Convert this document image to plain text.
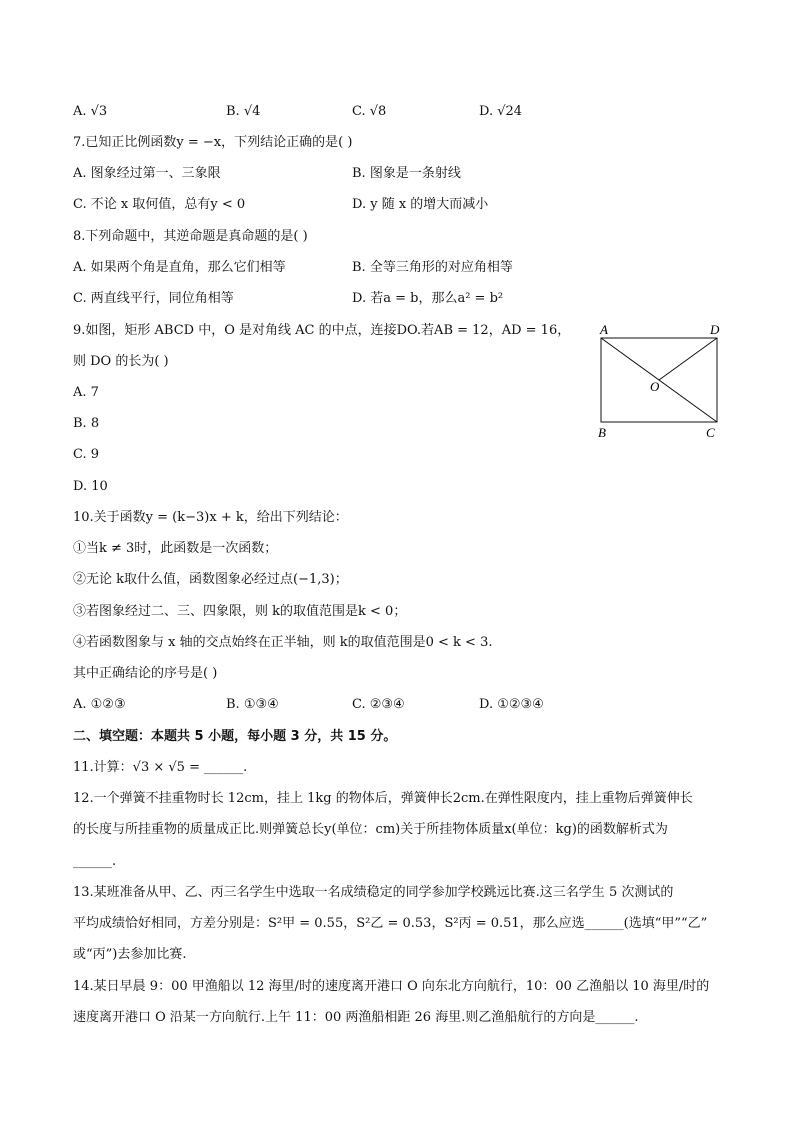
A. √3	B. √4	C. √8	D. √24
7.已知正比例函数y = −x，下列结论正确的是( )
A. 图象经过第一、三象限	B. 图象是一条射线
C. 不论 x 取何值，总有y < 0	D. y 随 x 的增大而减小
8.下列命题中，其逆命题是真命题的是( )
A. 如果两个角是直角，那么它们相等	B. 全等三角形的对应角相等
C. 两直线平行，同位角相等	D. 若a = b，那么a² = b²
9.如图，矩形 ABCD 中，O 是对角线 AC 的中点，连接DO.若AB = 12，AD = 16，
则 DO 的长为( )
A. 7
B. 8
C. 9
D. 10
A	D
B	C
O
10.关于函数y = (k−3)x + k，给出下列结论：
①当k ≠ 3时，此函数是一次函数；
②无论 k取什么值，函数图象必经过点(−1,3)；
③若图象经过二、三、四象限，则 k的取值范围是k < 0；
④若函数图象与 x 轴的交点始终在正半轴，则 k的取值范围是0 < k < 3.
其中正确结论的序号是( )
A. ①②③	B. ①③④	C. ②③④	D. ①②③④
二、填空题：本题共 5 小题，每小题 3 分，共 15 分。
11.计算：√3 × √5 = ______.
12.一个弹簧不挂重物时长 12cm，挂上 1kg 的物体后，弹簧伸长2cm.在弹性限度内，挂上重物后弹簧伸长
的长度与所挂重物的质量成正比.则弹簧总长y(单位：cm)关于所挂物体质量x(单位：kg)的函数解析式为
______.
13.某班准备从甲、乙、丙三名学生中选取一名成绩稳定的同学参加学校跳远比赛.这三名学生 5 次测试的
平均成绩恰好相同，方差分别是：S²甲 = 0.55，S²乙 = 0.53，S²丙 = 0.51，那么应选______(选填“甲”“乙”
或“丙”)去参加比赛.
14.某日早晨 9：00 甲渔船以 12 海里/时的速度离开港口 O 向东北方向航行，10：00 乙渔船以 10 海里/时的
速度离开港口 O 沿某一方向航行.上午 11：00 两渔船相距 26 海里.则乙渔船航行的方向是______.
